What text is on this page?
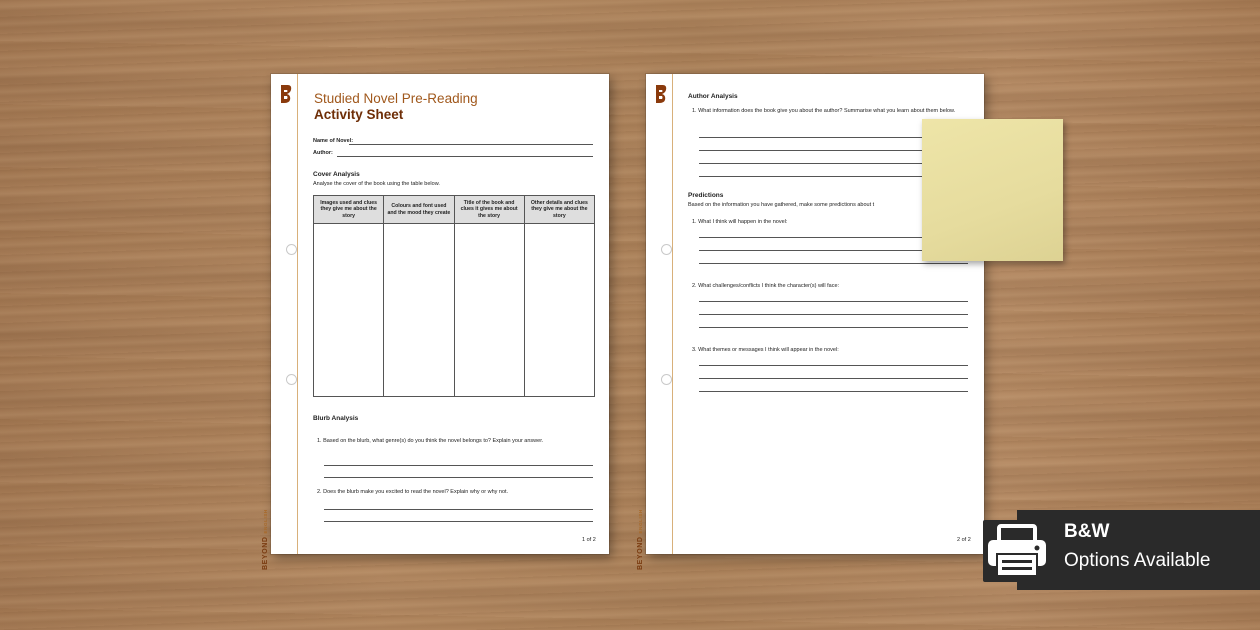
BEYONDENGLISH
Studied Novel Pre-Reading
Activity Sheet
Name of Novel:
Author:
Cover Analysis
Analyse the cover of the book using the table below.
Images used and clues they give me about the story	Colours and font used and the mood they create	Title of the book and clues it gives me about the story	Other details and clues they give me about the story

Blurb Analysis
1. Based on the blurb, what genre(s) do you think the novel belongs to? Explain your answer.
2. Does the blurb make you excited to read the novel? Explain why or why not.
1 of 2	BEYONDENGLISH
Author Analysis
1. What information does the book give you about the author? Summarise what you learn about them below.
Predictions
Based on the information you have gathered, make some predictions about t
1. What I think will happen in the novel:
2. What challenges/conflicts I think the character(s) will face:
3. What themes or messages I think will appear in the novel:
2 of 2	B&W
Options Available
